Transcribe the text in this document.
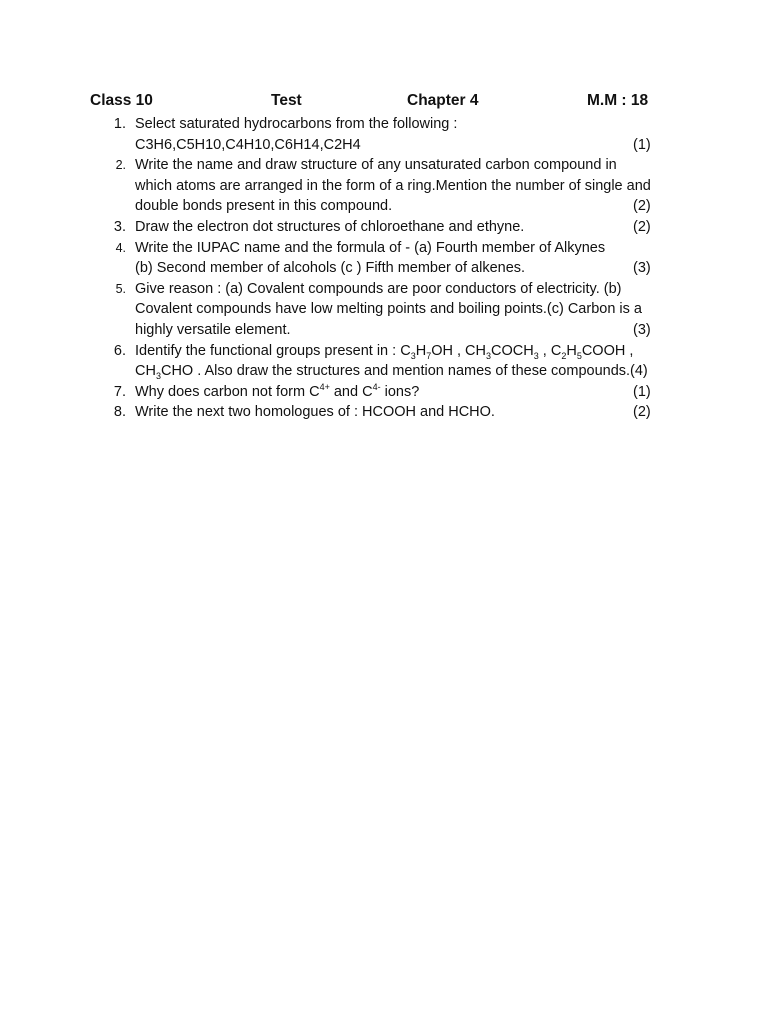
Class 10	Test	Chapter 4	M.M : 18
1. Select saturated hydrocarbons from the following :
C3H6,C5H10,C4H10,C6H14,C2H4	(1)
2. Write the name and draw structure of any unsaturated carbon compound in
which atoms are arranged in the form of a ring.Mention the number of single and
double bonds present in this compound.	(2)
3. Draw the electron dot structures of chloroethane and ethyne.	(2)
4. Write the IUPAC name and the formula of - (a) Fourth member of Alkynes
(b) Second member of alcohols (c ) Fifth member of alkenes.	(3)
5. Give reason : (a) Covalent compounds are poor conductors of electricity. (b)
Covalent compounds have low melting points and boiling points.(c) Carbon is a
highly versatile element.	(3)
6. Identify the functional groups present in : $C_3H_7OH$ , $CH_3COCH_3$ , $C_2H_5COOH$ ,
$CH_3CHO$ . Also draw the structures and mention names of these compounds.(4)
7. Why does carbon not form $C^{4+}$ and $C^{4-}$ ions?	(1)
8. Write the next two homologues of : HCOOH and HCHO.	(2)
